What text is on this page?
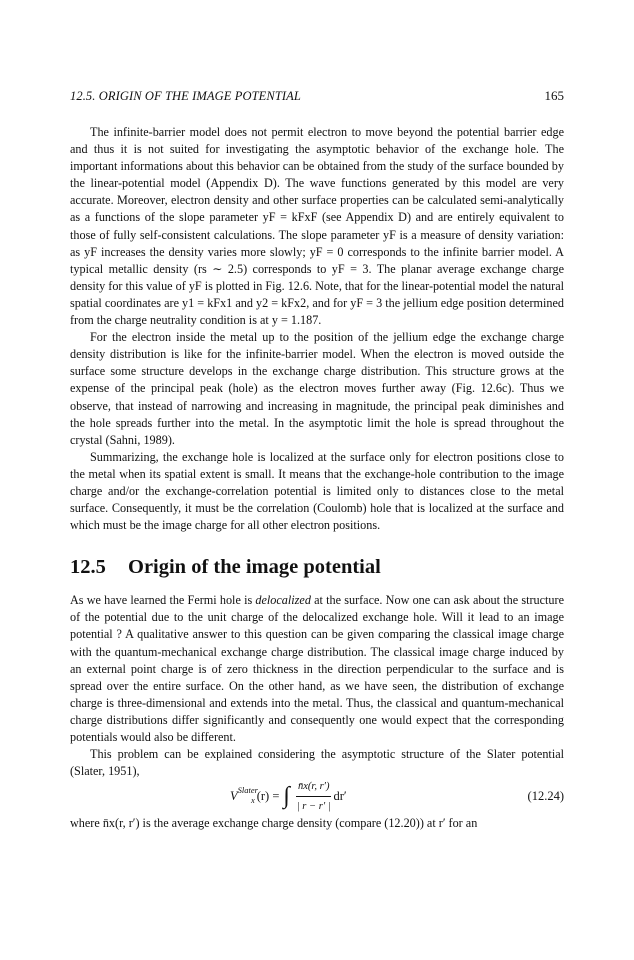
12.5. ORIGIN OF THE IMAGE POTENTIAL	165

The infinite-barrier model does not permit electron to move beyond the potential barrier edge and thus it is not suited for investigating the asymptotic behavior of the exchange hole. The important informations about this behavior can be obtained from the study of the surface bounded by the linear-potential model (Appendix D). The wave functions generated by this model are very accurate. Moreover, electron density and other surface properties can be calculated semi-analytically as a functions of the slope parameter yF = kFxF (see Appendix D) and are entirely equivalent to those of fully self-consistent calculations. The slope parameter yF is a measure of density variation: as yF increases the density varies more slowly; yF = 0 corresponds to the infinite barrier model. A typical metallic density (rs ∼ 2.5) corresponds to yF = 3. The planar average exchange charge density for this value of yF is plotted in Fig. 12.6. Note, that for the linear-potential model the natural spatial coordinates are y1 = kFx1 and y2 = kFx2, and for yF = 3 the jellium edge position determined from the charge neutrality condition is at y = 1.187.

For the electron inside the metal up to the position of the jellium edge the exchange charge density distribution is like for the infinite-barrier model. When the electron is moved outside the surface some structure develops in the exchange charge distribution. This structure grows at the expense of the principal peak (hole) as the electron moves further away (Fig. 12.6c). Thus we observe, that instead of narrowing and increasing in magnitude, the principal peak diminishes and the hole spreads further into the metal. In the asymptotic limit the hole is spread throughout the crystal (Sahni, 1989).

Summarizing, the exchange hole is localized at the surface only for electron positions close to the metal when its spatial extent is small. It means that the exchange-hole contribution to the image charge and/or the exchange-correlation potential is limited only to distances close to the metal surface. Consequently, it must be the correlation (Coulomb) hole that is localized at the surface and which must be the image charge for all other electron positions.

12.5	Origin of the image potential

As we have learned the Fermi hole is delocalized at the surface. Now one can ask about the structure of the potential due to the unit charge of the delocalized exchange hole. Will it lead to an image potential ? A qualitative answer to this question can be given comparing the classical image charge with the quantum-mechanical exchange charge distribution. The classical image charge induced by an external point charge is of zero thickness in the direction perpendicular to the surface and is spread over the entire surface. On the other hand, as we have seen, the distribution of exchange charge is three-dimensional and extends into the metal. Thus, the classical and quantum-mechanical charge distributions differ significantly and consequently one would expect that the corresponding potentials would also be different.

This problem can be explained considering the asymptotic structure of the Slater potential (Slater, 1951),

V Slater
x (r) = ∫ $\frac{n̄x(r, r')}{| r - r' |} dr'$	(12.24)

where n̄x(r, r′) is the average exchange charge density (compare (12.20)) at r′ for an
